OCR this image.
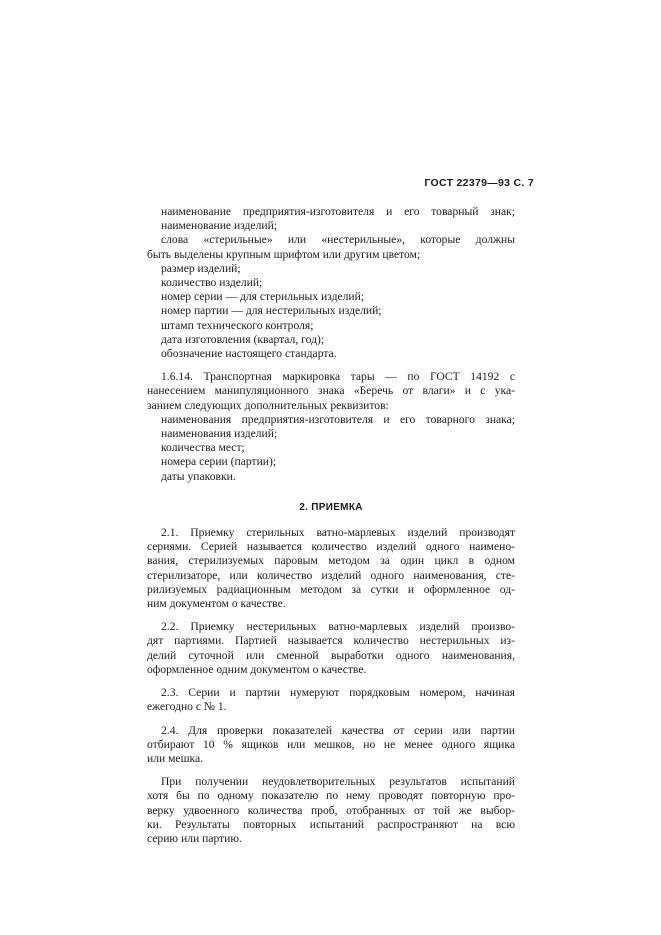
ГОСТ 22379—93 С. 7
наименование предприятия-изготовителя и его товарный знак;
наименование изделий;
слова «стерильные» или «нестерильные», которые должны
быть выделены крупным шрифтом или другим цветом;
размер изделий;
количество изделий;
номер серии — для стерильных изделий;
номер партии — для нестерильных изделий;
штамп технического контроля;
дата изготовления (квартал, год);
обозначение настоящего стандарта.
1.6.14. Транспортная маркировка тары — по ГОСТ 14192 с
нанесением манипуляционного знака «Беречь от влаги» и с ука-
занием следующих дополнительных реквизитов:
наименования предприятия-изготовителя и его товарного знака;
наименования изделий;
количества мест;
номера серии (партии);
даты упаковки.
2. ПРИЕМКА
2.1. Приемку стерильных ватно-марлевых изделий производят
сериями. Серией называется количество изделий одного наимено-
вания, стерилизуемых паровым методом за один цикл в одном
стерилизаторе, или количество изделий одного наименования, сте-
рилизуемых радиационным методом за сутки и оформленное од-
ним документом о качестве.
2.2. Приемку нестерильных ватно-марлевых изделий произво-
дят партиями. Партией называется количество нестерильных из-
делий суточной или сменной выработки одного наименования,
оформленное одним документом о качестве.
2.3. Серии и партии нумеруют порядковым номером, начиная
ежегодно с № 1.
2.4. Для проверки показателей качества от серии или партии
отбирают 10 % ящиков или мешков, но не менее одного ящика
или мешка.
При получении неудовлетворительных результатов испытаний
хотя бы по одному показателю по нему проводят повторную про-
верку удвоенного количества проб, отобранных от той же выбор-
ки. Результаты повторных испытаний распространяют на всю
серию или партию.
